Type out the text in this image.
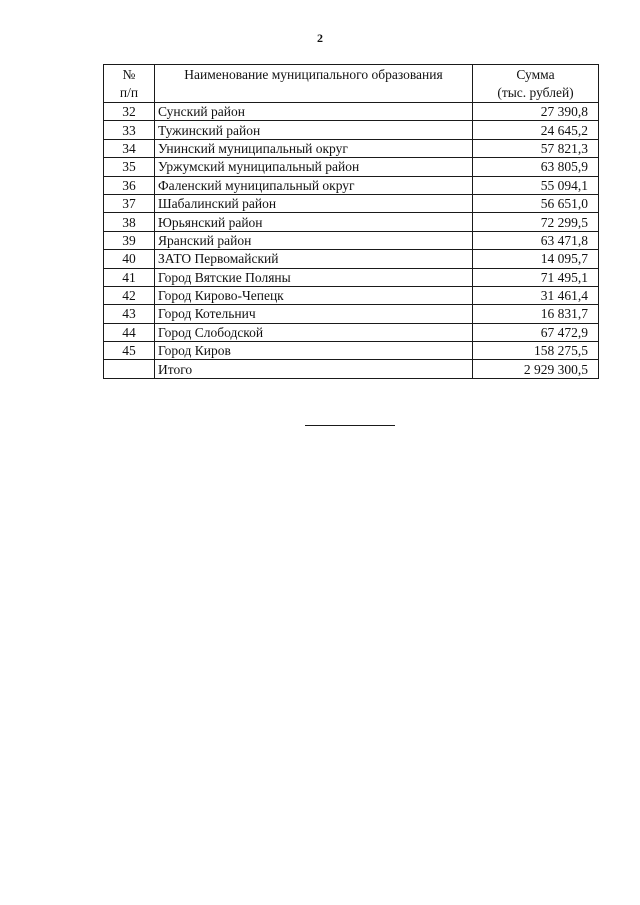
2
№
п/п	Наименование муниципального образования	Сумма
(тыс. рублей)

32	Сунский район	27 390,8
33	Тужинский район	24 645,2
34	Унинский муниципальный округ	57 821,3
35	Уржумский муниципальный район	63 805,9
36	Фаленский муниципальный округ	55 094,1
37	Шабалинский район	56 651,0
38	Юрьянский район	72 299,5
39	Яранский район	63 471,8
40	ЗАТО Первомайский	14 095,7
41	Город Вятские Поляны	71 495,1
42	Город Кирово-Чепецк	31 461,4
43	Город Котельнич	16 831,7
44	Город Слободской	67 472,9
45	Город Киров	158 275,5
	Итого	2 929 300,5
